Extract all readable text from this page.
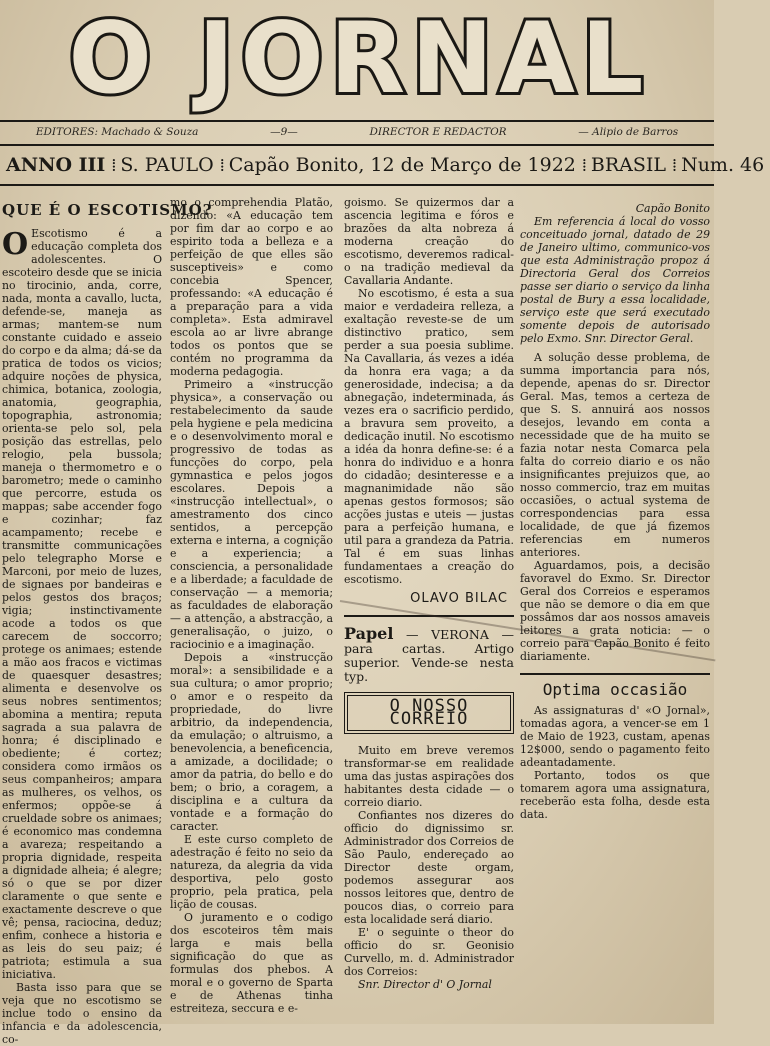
O JORNAL
EDITORES: Machado & Souza	—9—	DIRECTOR E REDACTOR	— Alipio de Barros
ANNO III ⁞ S. PAULO ⁞ Capão Bonito, 12 de Março de 1922 ⁞ BRASIL ⁞ Num. 46
QUE É O ESCOTISMO?

O Escotismo é a educação completa dos adolescentes. O escoteiro desde que se inicia no tirocinio, anda, corre, nada, monta a cavallo, lucta, defende-se, maneja as armas; mantem-se num constante cuidado e asseio do corpo e da alma; dá-se da pratica de todos os vicios; adquire noções de physica, chimica, botanica, zoologia, anatomia, geographia, topographia, astronomia; orienta-se pelo sol, pela posição das estrellas, pelo relogio, pela bussola; maneja o thermometro e o barometro; mede o caminho que percorre, estuda os mappas; sabe accender fogo e cozinhar; faz acampamento; recebe e transmitte communicações pelo telegrapho Morse e Marconi, por meio de luzes, de signaes por bandeiras e pelos gestos dos braços; vigia; instinctivamente acode a todos os que carecem de soccorro; protege os animaes; estende a mão aos fracos e victimas de quaesquer desastres; alimenta e desenvolve os seus nobres sentimentos; abomina a mentira; reputa sagrada a sua palavra de honra; é disciplinado e obediente; é cortez; considera como irmãos os seus companheiros; ampara as mulheres, os velhos, os enfermos; oppõe-se á crueldade sobre os animaes; é economico mas condemna a avareza; respeitando a propria dignidade, respeita a dignidade alheia; é alegre; só o que se por dizer claramente o que sente e exactamente descreve o que vê; pensa, raciocina, deduz; enfim, conhece a historia e as leis do seu paiz; é patriota; estimula a sua iniciativa.

Basta isso para que se veja que no escotismo se inclue todo o ensino da infancia e da adolescencia, co-

mo o comprehendia Platão, dizendo: «A educação tem por fim dar ao corpo e ao espirito toda a belleza e a perfeição de que elles são susceptiveis» e como concebia Spencer, professando: «A educação é a preparação para a vida completa». Esta admiravel escola ao ar livre abrange todos os pontos que se contém no programma da moderna pedagogia.

Primeiro a «instrucção physica», a conservação ou restabelecimento da saude pela hygiene e pela medicina e o desenvolvimento moral e progressivo de todas as funcções do corpo, pela gymnastica e pelos jogos escolares. Depois a «instrucção intellectual», o amestramento dos cinco sentidos, a percepção externa e interna, a cognição e a experiencia; a consciencia, a personalidade e a liberdade; a faculdade de conservação — a memoria; as faculdades de elaboração — a attenção, a abstracção, a generalisação, o juizo, o raciocinio e a imaginação.

Depois a «instrucção moral»: a sensibilidade e a sua cultura; o amor proprio; o amor e o respeito da propriedade, do livre arbitrio, da independencia, da emulação; o altruismo, a benevolencia, a beneficencia, a amizade, a docilidade; o amor da patria, do bello e do bem; o brio, a coragem, a disciplina e a cultura da vontade e a formação do caracter.

E este curso completo de adestração é feito no seio da natureza, da alegria da vida desportiva, pelo gosto proprio, pela pratica, pela lição de cousas.

O juramento e o codigo dos escoteiros têm mais larga e mais bella significação do que as formulas dos phebos. A moral e o governo de Sparta e de Athenas tinha estreiteza, seccura e e-

goismo. Se quizermos dar a ascencia legitima e fóros e brazões da alta nobreza á moderna creação do escotismo, deveremos radical-o na tradição medieval da Cavallaria Andante.

No escotismo, é esta a sua maior e verdadeira relleza, a exaltação reveste-se de um distinctivo pratico, sem perder a sua poesia sublime. Na Cavallaria, ás vezes a idéa da honra era vaga; a da generosidade, indecisa; a da abnegação, indeterminada, ás vezes era o sacrificio perdido, a bravura sem proveito, a dedicação inutil. No escotismo a idéa da honra define-se: é a honra do individuo e a honra do cidadão; desinteresse e a magnanimidade não são apenas gestos formosos; são acções justas e uteis — justas para a perfeição humana, e util para a grandeza da Patria. Tal é em suas linhas fundamentaes a creação do escotismo.

OLAVO BILAC
Papel — VERONA — para cartas. Artigo superior. Vende-se nesta typ.
O NOSSO CORREIO

Muito em breve veremos transformar-se em realidade uma das justas aspirações dos habitantes desta cidade — o correio diario.

Confiantes nos dizeres do officio do dignissimo sr. Administrador dos Correios de São Paulo, endereçado ao Director deste orgam, podemos assegurar aos nossos leitores que, dentro de poucos dias, o correio para esta localidade será diario.

E' o seguinte o theor do officio do sr. Geonisio Curvello, m. d. Administrador dos Correios:

Snr. Director d' O Jornal

Capão Bonito

Em referencia á local do vosso conceituado jornal, datado de 29 de Janeiro ultimo, communico-vos que esta Administração propoz á Directoria Geral dos Correios passe ser diario o serviço da linha postal de Bury a essa localidade, serviço este que será executado somente depois de autorisado pelo Exmo. Snr. Director Geral.

A solução desse problema, de summa importancia para nós, depende, apenas do sr. Director Geral. Mas, temos a certeza de que S. S. annuirá aos nossos desejos, levando em conta a necessidade que de ha muito se fazia notar nesta Comarca pela falta do correio diario e os não insignificantes prejuizos que, ao nosso commercio, traz em muitas occasiões, o actual systema de correspondencias para essa localidade, de que já fizemos referencias em numeros anteriores.

Aguardamos, pois, a decisão favoravel do Exmo. Sr. Director Geral dos Correios e esperamos que não se demore o dia em que possâmos dar aos nossos amaveis leitores a grata noticia: — o correio para Capão Bonito é feito diariamente.

Optima occasião

As assignaturas d' «O Jornal», tomadas agora, a vencer-se em 1 de Maio de 1923, custam, apenas 12$000, sendo o pagamento feito adeantadamente.

Portanto, todos os que tomarem agora uma assignatura, receberão esta folha, desde esta data.
